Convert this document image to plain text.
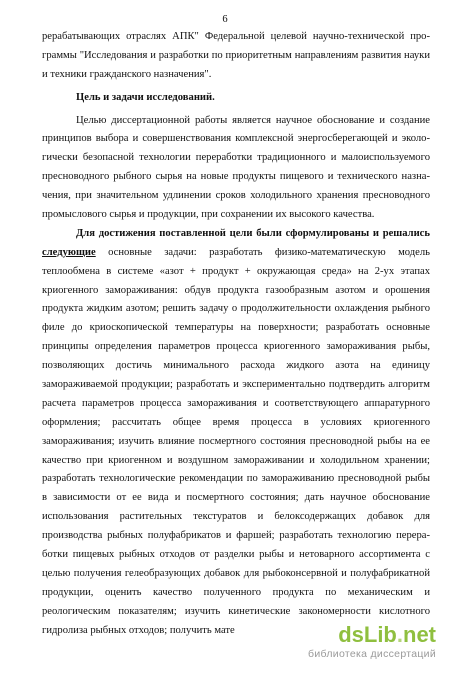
6
рерабатывающих отраслях АПК" Федеральной целевой научно-технической про-
граммы "Исследования и разработки по приоритетным направлениям развития науки
и техники гражданского назначения".
Цель и задачи исследований.
Целью диссертационной работы является научное обоснование и создание
принципов выбора и совершенствования комплексной энергосберегающей и эколо-
гически безопасной технологии переработки традиционного и малоиспользуемого
пресноводного рыбного сырья на новые продукты пищевого и технического назна-
чения, при значительном удлинении сроков холодильного хранения пресноводного
промыслового сырья и продукции, при сохранении их высокого качества.
Для достижения поставленной цели были сформулированы и решались
следующие основные задачи: разработать физико-математическую модель
теплообмена в системе «азот + продукт + окружающая среда» на 2-ух этапах
криогенного замораживания: обдув продукта газообразным азотом и орошения
продукта жидким азотом; решить задачу о продолжительности охлаждения рыбного
филе до криоскопической температуры на поверхности; разработать основные
принципы определения параметров процесса криогенного замораживания рыбы,
позволяющих достичь минимального расхода жидкого азота на единицу
замораживаемой продукции; разработать и экспериментально подтвердить алгоритм
расчета параметров процесса замораживания и соответствующего аппаратурного
оформления; рассчитать общее время процесса в условиях криогенного
замораживания; изучить влияние посмертного состояния пресноводной рыбы на ее
качество при криогенном и воздушном замораживании и холодильном хранении;
разработать технологические рекомендации по замораживанию пресноводной рыбы
в зависимости от ее вида и посмертного состояния; дать научное обоснование
использования растительных текстуратов и белоксодержащих добавок для
производства рыбных полуфабрикатов и фаршей; разработать технологию перера-
ботки пищевых рыбных отходов от разделки рыбы и нетоварного ассортимента с
целью получения гелеобразующих добавок для рыбоконсервной и полуфабрикатной
продукции, оценить качество полученного продукта по механическим и
реологическим показателям; изучить кинетические закономерности кислотного
гидролиза рыбных отходов; получить мате	dsLib.net
библиотека диссертаций
